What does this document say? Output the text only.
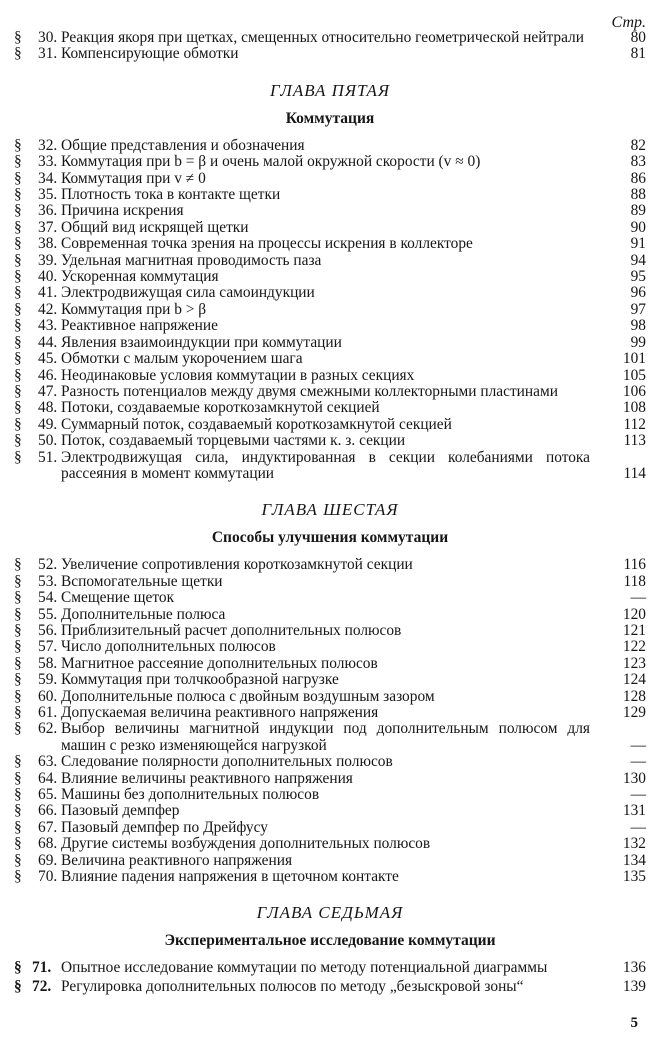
Стр.
§ 30. Реакция якоря при щетках, смещенных относительно геометрической нейтрали	80
§ 31. Компенсирующие обмотки	81
ГЛАВА ПЯТАЯ
Коммутация
§ 32. Общие представления и обозначения	82
§ 33. Коммутация при b = β и очень малой окружной скорости (v ≈ 0)	83
§ 34. Коммутация при v ≠ 0	86
§ 35. Плотность тока в контакте щетки	88
§ 36. Причина искрения	89
§ 37. Общий вид искрящей щетки	90
§ 38. Современная точка зрения на процессы искрения в коллекторе	91
§ 39. Удельная магнитная проводимость паза	94
§ 40. Ускоренная коммутация	95
§ 41. Электродвижущая сила самоиндукции	96
§ 42. Коммутация при b > β	97
§ 43. Реактивное напряжение	98
§ 44. Явления взаимоиндукции при коммутации	99
§ 45. Обмотки с малым укорочением шага	101
§ 46. Неодинаковые условия коммутации в разных секциях	105
§ 47. Разность потенциалов между двумя смежными коллекторными пластинами	106
§ 48. Потоки, создаваемые короткозамкнутой секцией	108
§ 49. Суммарный поток, создаваемый короткозамкнутой секцией	112
§ 50. Поток, создаваемый торцевыми частями к. з. секции	113
§ 51. Электродвижущая сила, индуктированная в секции колебаниями потока рассеяния в момент коммутации	114
ГЛАВА ШЕСТАЯ
Способы улучшения коммутации
§ 52. Увеличение сопротивления короткозамкнутой секции	116
§ 53. Вспомогательные щетки	118
§ 54. Смещение щеток	—
§ 55. Дополнительные полюса	120
§ 56. Приблизительный расчет дополнительных полюсов	121
§ 57. Число дополнительных полюсов	122
§ 58. Магнитное рассеяние дополнительных полюсов	123
§ 59. Коммутация при толчкообразной нагрузке	124
§ 60. Дополнительные полюса с двойным воздушным зазором	128
§ 61. Допускаемая величина реактивного напряжения	129
§ 62. Выбор величины магнитной индукции под дополнительным полюсом для машин с резко изменяющейся нагрузкой	—
§ 63. Следование полярности дополнительных полюсов	—
§ 64. Влияние величины реактивного напряжения	130
§ 65. Машины без дополнительных полюсов	—
§ 66. Пазовый демпфер	131
§ 67. Пазовый демпфер по Дрейфусу	—
§ 68. Другие системы возбуждения дополнительных полюсов	132
§ 69. Величина реактивного напряжения	134
§ 70. Влияние падения напряжения в щеточном контакте	135
ГЛАВА СЕДЬМАЯ
Экспериментальное исследование коммутации
§ 71. Опытное исследование коммутации по методу потенциальной диаграммы	136
§ 72. Регулировка дополнительных полюсов по методу „безыскровой зоны“	139
5
